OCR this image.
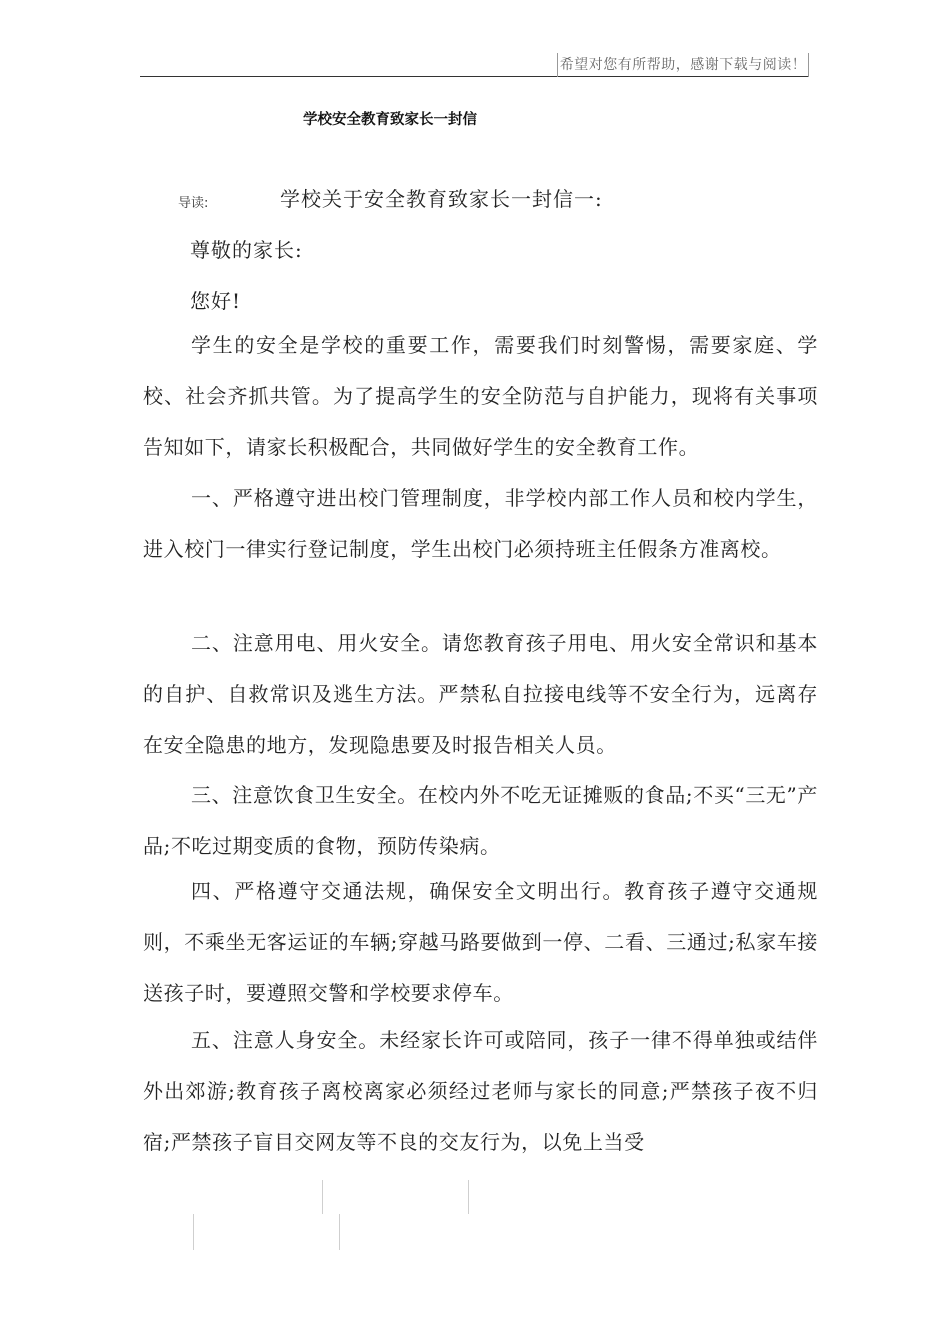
希望对您有所帮助，感谢下载与阅读！
学校安全教育致家长一封信
导读:	学校关于安全教育致家长一封信一:
尊敬的家长:
您好!

学生的安全是学校的重要工作，需要我们时刻警惕，需要家庭、学校、社会齐抓共管。为了提高学生的安全防范与自护能力，现将有关事项告知如下，请家长积极配合，共同做好学生的安全教育工作。

一、严格遵守进出校门管理制度，非学校内部工作人员和校内学生，进入校门一律实行登记制度，学生出校门必须持班主任假条方准离校。

二、注意用电、用火安全。请您教育孩子用电、用火安全常识和基本的自护、自救常识及逃生方法。严禁私自拉接电线等不安全行为，远离存在安全隐患的地方，发现隐患要及时报告相关人员。

三、注意饮食卫生安全。在校内外不吃无证摊贩的食品;不买“三无”产品;不吃过期变质的食物，预防传染病。

四、严格遵守交通法规，确保安全文明出行。教育孩子遵守交通规则，不乘坐无客运证的车辆;穿越马路要做到一停、二看、三通过;私家车接送孩子时，要遵照交警和学校要求停车。

五、注意人身安全。未经家长许可或陪同，孩子一律不得单独或结伴外出郊游;教育孩子离校离家必须经过老师与家长的同意;严禁孩子夜不归宿;严禁孩子盲目交网友等不良的交友行为，以免上当受
